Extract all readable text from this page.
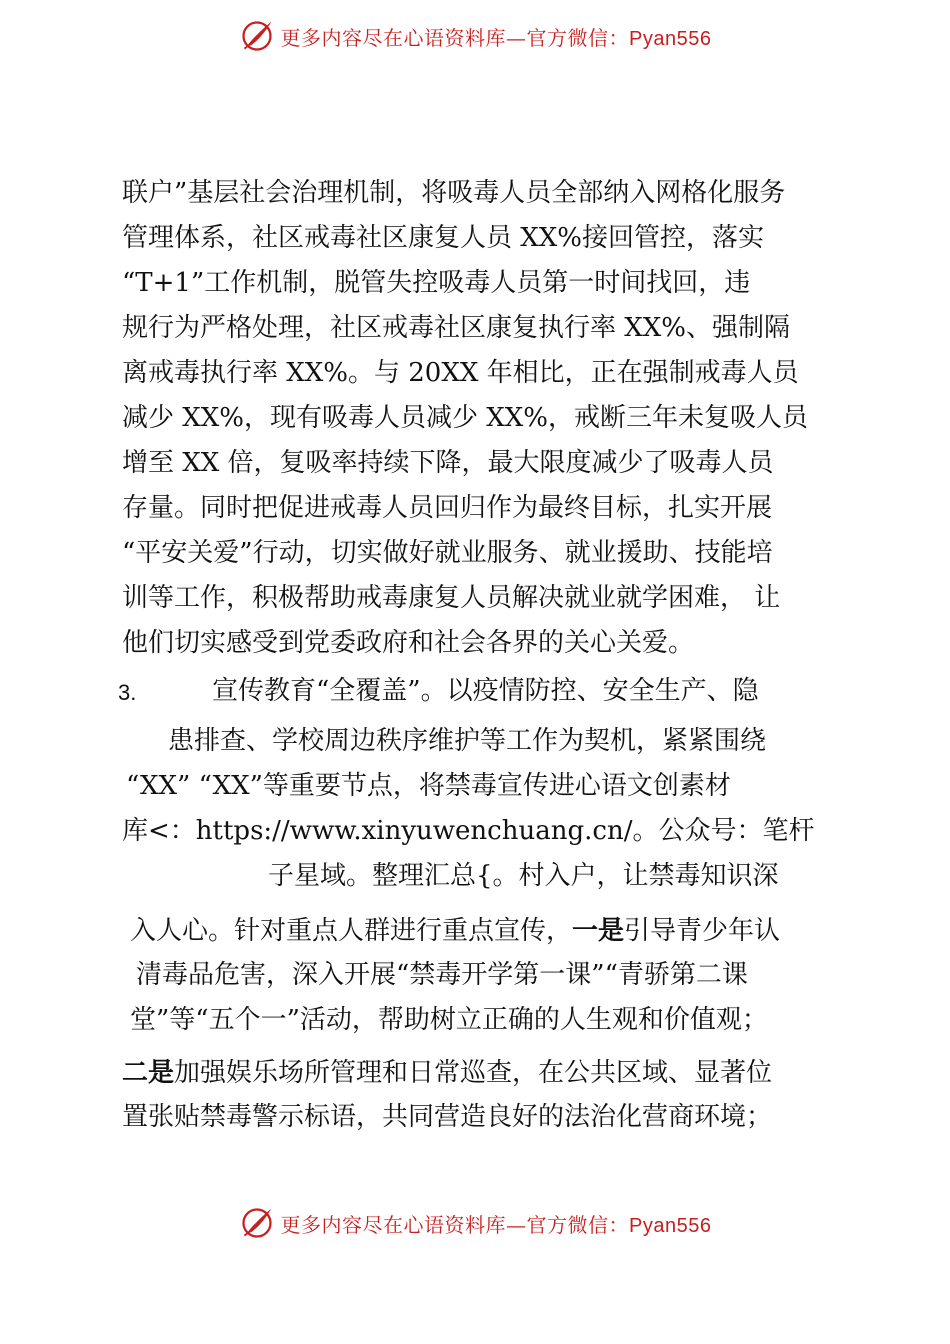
更多内容尽在心语资料库—官方微信：Pyan556
联户”基层社会治理机制，将吸毒人员全部纳入网格化服务
管理体系，社区戒毒社区康复人员 XX%接回管控，落实
“T+1”工作机制，脱管失控吸毒人员第一时间找回，违
规行为严格处理，社区戒毒社区康复执行率 XX%、强制隔
离戒毒执行率 XX%。与 20XX 年相比，正在强制戒毒人员
减少 XX%，现有吸毒人员减少 XX%，戒断三年未复吸人员
增至 XX 倍，复吸率持续下降，最大限度减少了吸毒人员
存量。同时把促进戒毒人员回归作为最终目标，扎实开展
“平安关爱”行动，切实做好就业服务、就业援助、技能培
训等工作，积极帮助戒毒康复人员解决就业就学困难， 让
他们切实感受到党委政府和社会各界的关心关爱。
3.	宣传教育“全覆盖”。以疫情防控、安全生产、隐
患排查、学校周边秩序维护等工作为契机，紧紧围绕
“XX” “XX”等重要节点，将禁毒宣传进心语文创素材
库<：https://www.xinyuwenchuang.cn/。公众号：笔杆
子星域。整理汇总{。村入户，让禁毒知识深
入人心。针对重点人群进行重点宣传，一是引导青少年认
清毒品危害，深入开展“禁毒开学第一课”“青骄第二课
堂”等“五个一”活动，帮助树立正确的人生观和价值观；
二是加强娱乐场所管理和日常巡查，在公共区域、显著位
置张贴禁毒警示标语，共同营造良好的法治化营商环境；
更多内容尽在心语资料库—官方微信：Pyan556
